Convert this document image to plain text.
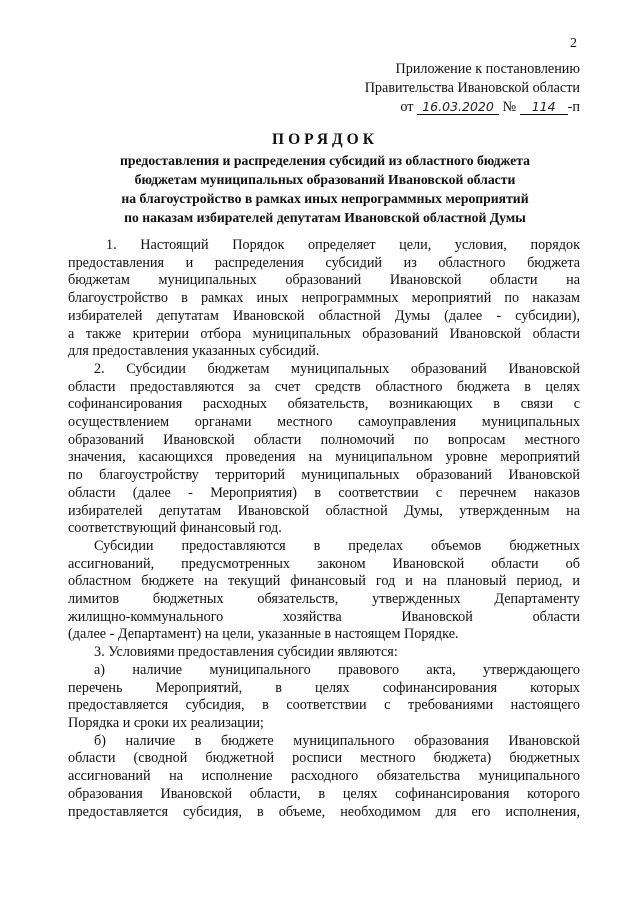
2
Приложение к постановлению
Правительства Ивановской области
от 16.03.2020 № 114 -п
ПОРЯДОК
предоставления и распределения субсидий из областного бюджета
бюджетам муниципальных образований Ивановской области
на благоустройство в рамках иных непрограммных мероприятий
по наказам избирателей депутатам Ивановской областной Думы
1. Настоящий Порядок определяет цели, условия, порядок
предоставления и распределения субсидий из областного бюджета
бюджетам муниципальных образований Ивановской области на
благоустройство в рамках иных непрограммных мероприятий по наказам
избирателей депутатам Ивановской областной Думы (далее - субсидии),
а также критерии отбора муниципальных образований Ивановской области
для предоставления указанных субсидий.
2. Субсидии бюджетам муниципальных образований Ивановской
области предоставляются за счет средств областного бюджета в целях
софинансирования расходных обязательств, возникающих в связи с
осуществлением органами местного самоуправления муниципальных
образований Ивановской области полномочий по вопросам местного
значения, касающихся проведения на муниципальном уровне мероприятий
по благоустройству территорий муниципальных образований Ивановской
области (далее - Мероприятия) в соответствии с перечнем наказов
избирателей депутатам Ивановской областной Думы, утвержденным на
соответствующий финансовый год.
Субсидии предоставляются в пределах объемов бюджетных
ассигнований, предусмотренных законом Ивановской области об
областном бюджете на текущий финансовый год и на плановый период, и
лимитов бюджетных обязательств, утвержденных Департаменту
жилищно-коммунального хозяйства Ивановской области
(далее - Департамент) на цели, указанные в настоящем Порядке.
3. Условиями предоставления субсидии являются:
а) наличие муниципального правового акта, утверждающего
перечень Мероприятий, в целях софинансирования которых
предоставляется субсидия, в соответствии с требованиями настоящего
Порядка и сроки их реализации;
б) наличие в бюджете муниципального образования Ивановской
области (сводной бюджетной росписи местного бюджета) бюджетных
ассигнований на исполнение расходного обязательства муниципального
образования Ивановской области, в целях софинансирования которого
предоставляется субсидия, в объеме, необходимом для его исполнения,
